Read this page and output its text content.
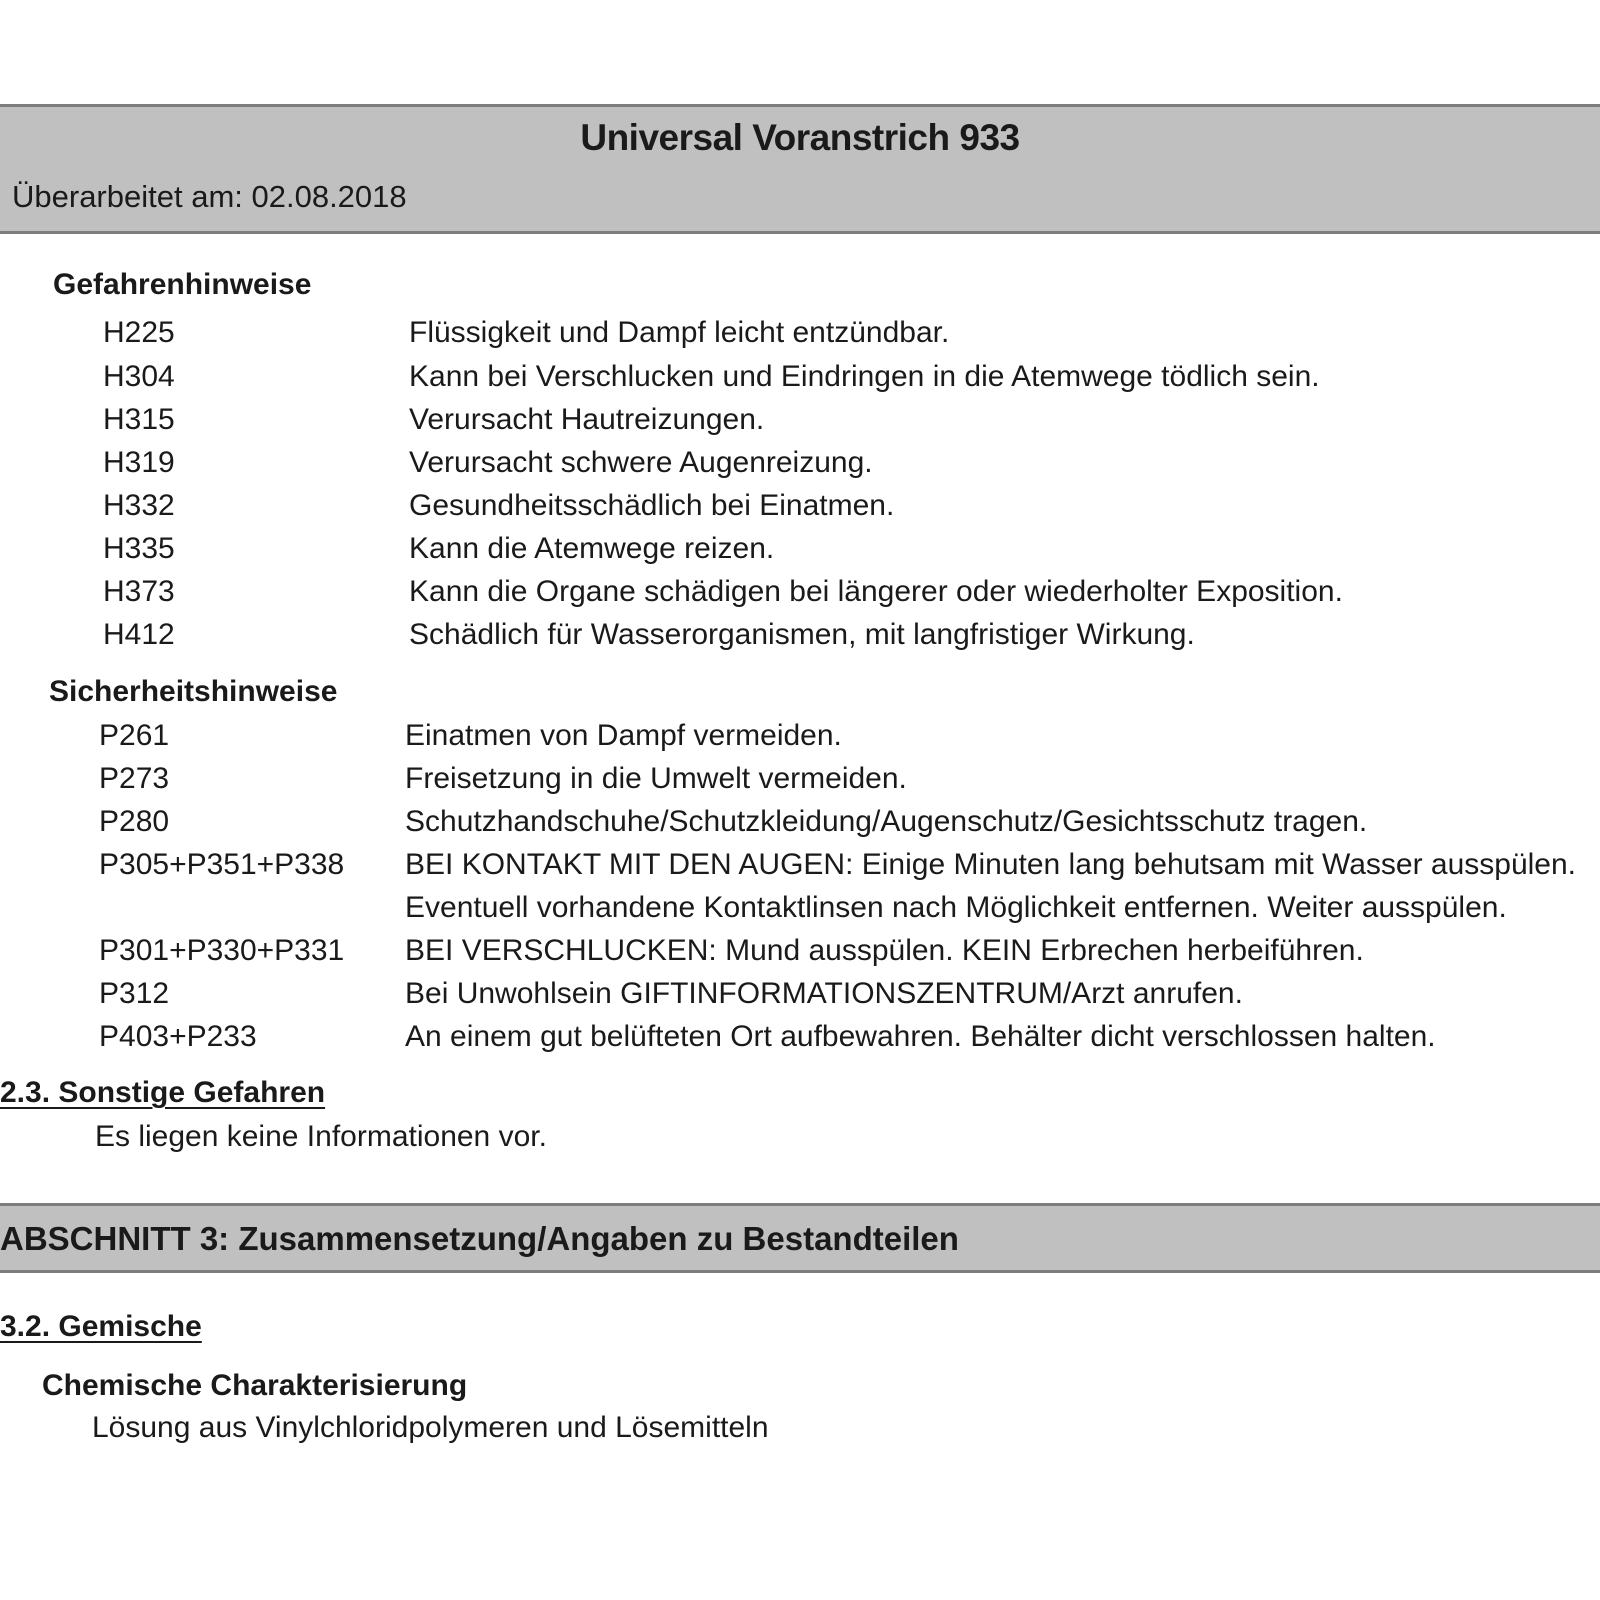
Universal Voranstrich 933
Überarbeitet am: 02.08.2018
Gefahrenhinweise
H225	Flüssigkeit und Dampf leicht entzündbar.
H304	Kann bei Verschlucken und Eindringen in die Atemwege tödlich sein.
H315	Verursacht Hautreizungen.
H319	Verursacht schwere Augenreizung.
H332	Gesundheitsschädlich bei Einatmen.
H335	Kann die Atemwege reizen.
H373	Kann die Organe schädigen bei längerer oder wiederholter Exposition.
H412	Schädlich für Wasserorganismen, mit langfristiger Wirkung.
Sicherheitshinweise
P261	Einatmen von Dampf vermeiden.
P273	Freisetzung in die Umwelt vermeiden.
P280	Schutzhandschuhe/Schutzkleidung/Augenschutz/Gesichtsschutz tragen.
P305+P351+P338 BEI KONTAKT MIT DEN AUGEN: Einige Minuten lang behutsam mit Wasser ausspülen.
Eventuell vorhandene Kontaktlinsen nach Möglichkeit entfernen. Weiter ausspülen.
P301+P330+P331 BEI VERSCHLUCKEN: Mund ausspülen. KEIN Erbrechen herbeiführen.
P312	Bei Unwohlsein GIFTINFORMATIONSZENTRUM/Arzt anrufen.
P403+P233	An einem gut belüfteten Ort aufbewahren. Behälter dicht verschlossen halten.
2.3. Sonstige Gefahren
Es liegen keine Informationen vor.
ABSCHNITT 3: Zusammensetzung/Angaben zu Bestandteilen
3.2. Gemische
Chemische Charakterisierung
Lösung aus Vinylchloridpolymeren und Lösemitteln
